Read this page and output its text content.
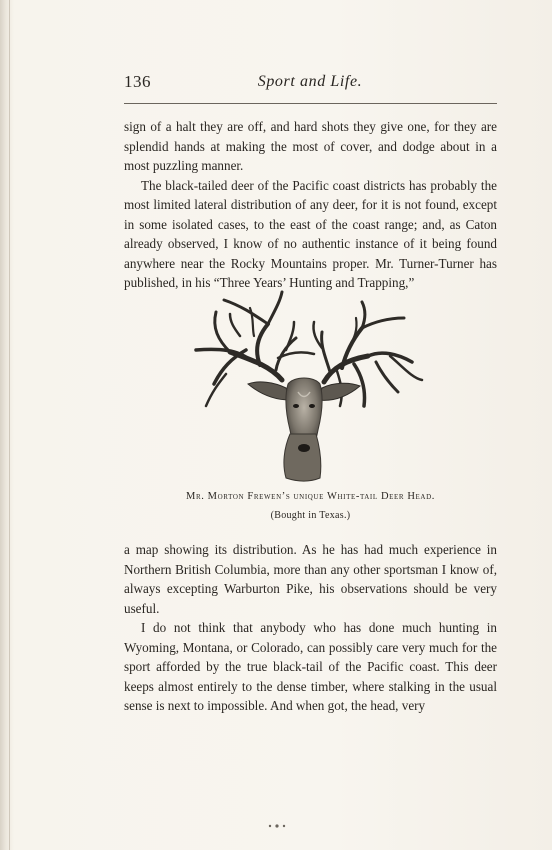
136	Sport and Life.

sign of a halt they are off, and hard shots they give one, for they are splendid hands at making the most of cover, and dodge about in a most puzzling manner.

The black-tailed deer of the Pacific coast districts has probably the most limited lateral distribution of any deer, for it is not found, except in some isolated cases, to the east of the coast range; and, as Caton already observed, I know of no authentic instance of it being found anywhere near the Rocky Mountains proper. Mr. Turner-Turner has published, in his “Three Years’ Hunting and Trapping,”

Mr. Morton Frewen’s unique White-tail Deer Head.
(Bought in Texas.)

a map showing its distribution. As he has had much experience in Northern British Columbia, more than any other sportsman I know of, always excepting Warburton Pike, his observations should be very useful.

I do not think that anybody who has done much hunting in Wyoming, Montana, or Colorado, can possibly care very much for the sport afforded by the true black-tail of the Pacific coast. This deer keeps almost entirely to the dense timber, where stalking in the usual sense is next to impossible. And when got, the head, very
